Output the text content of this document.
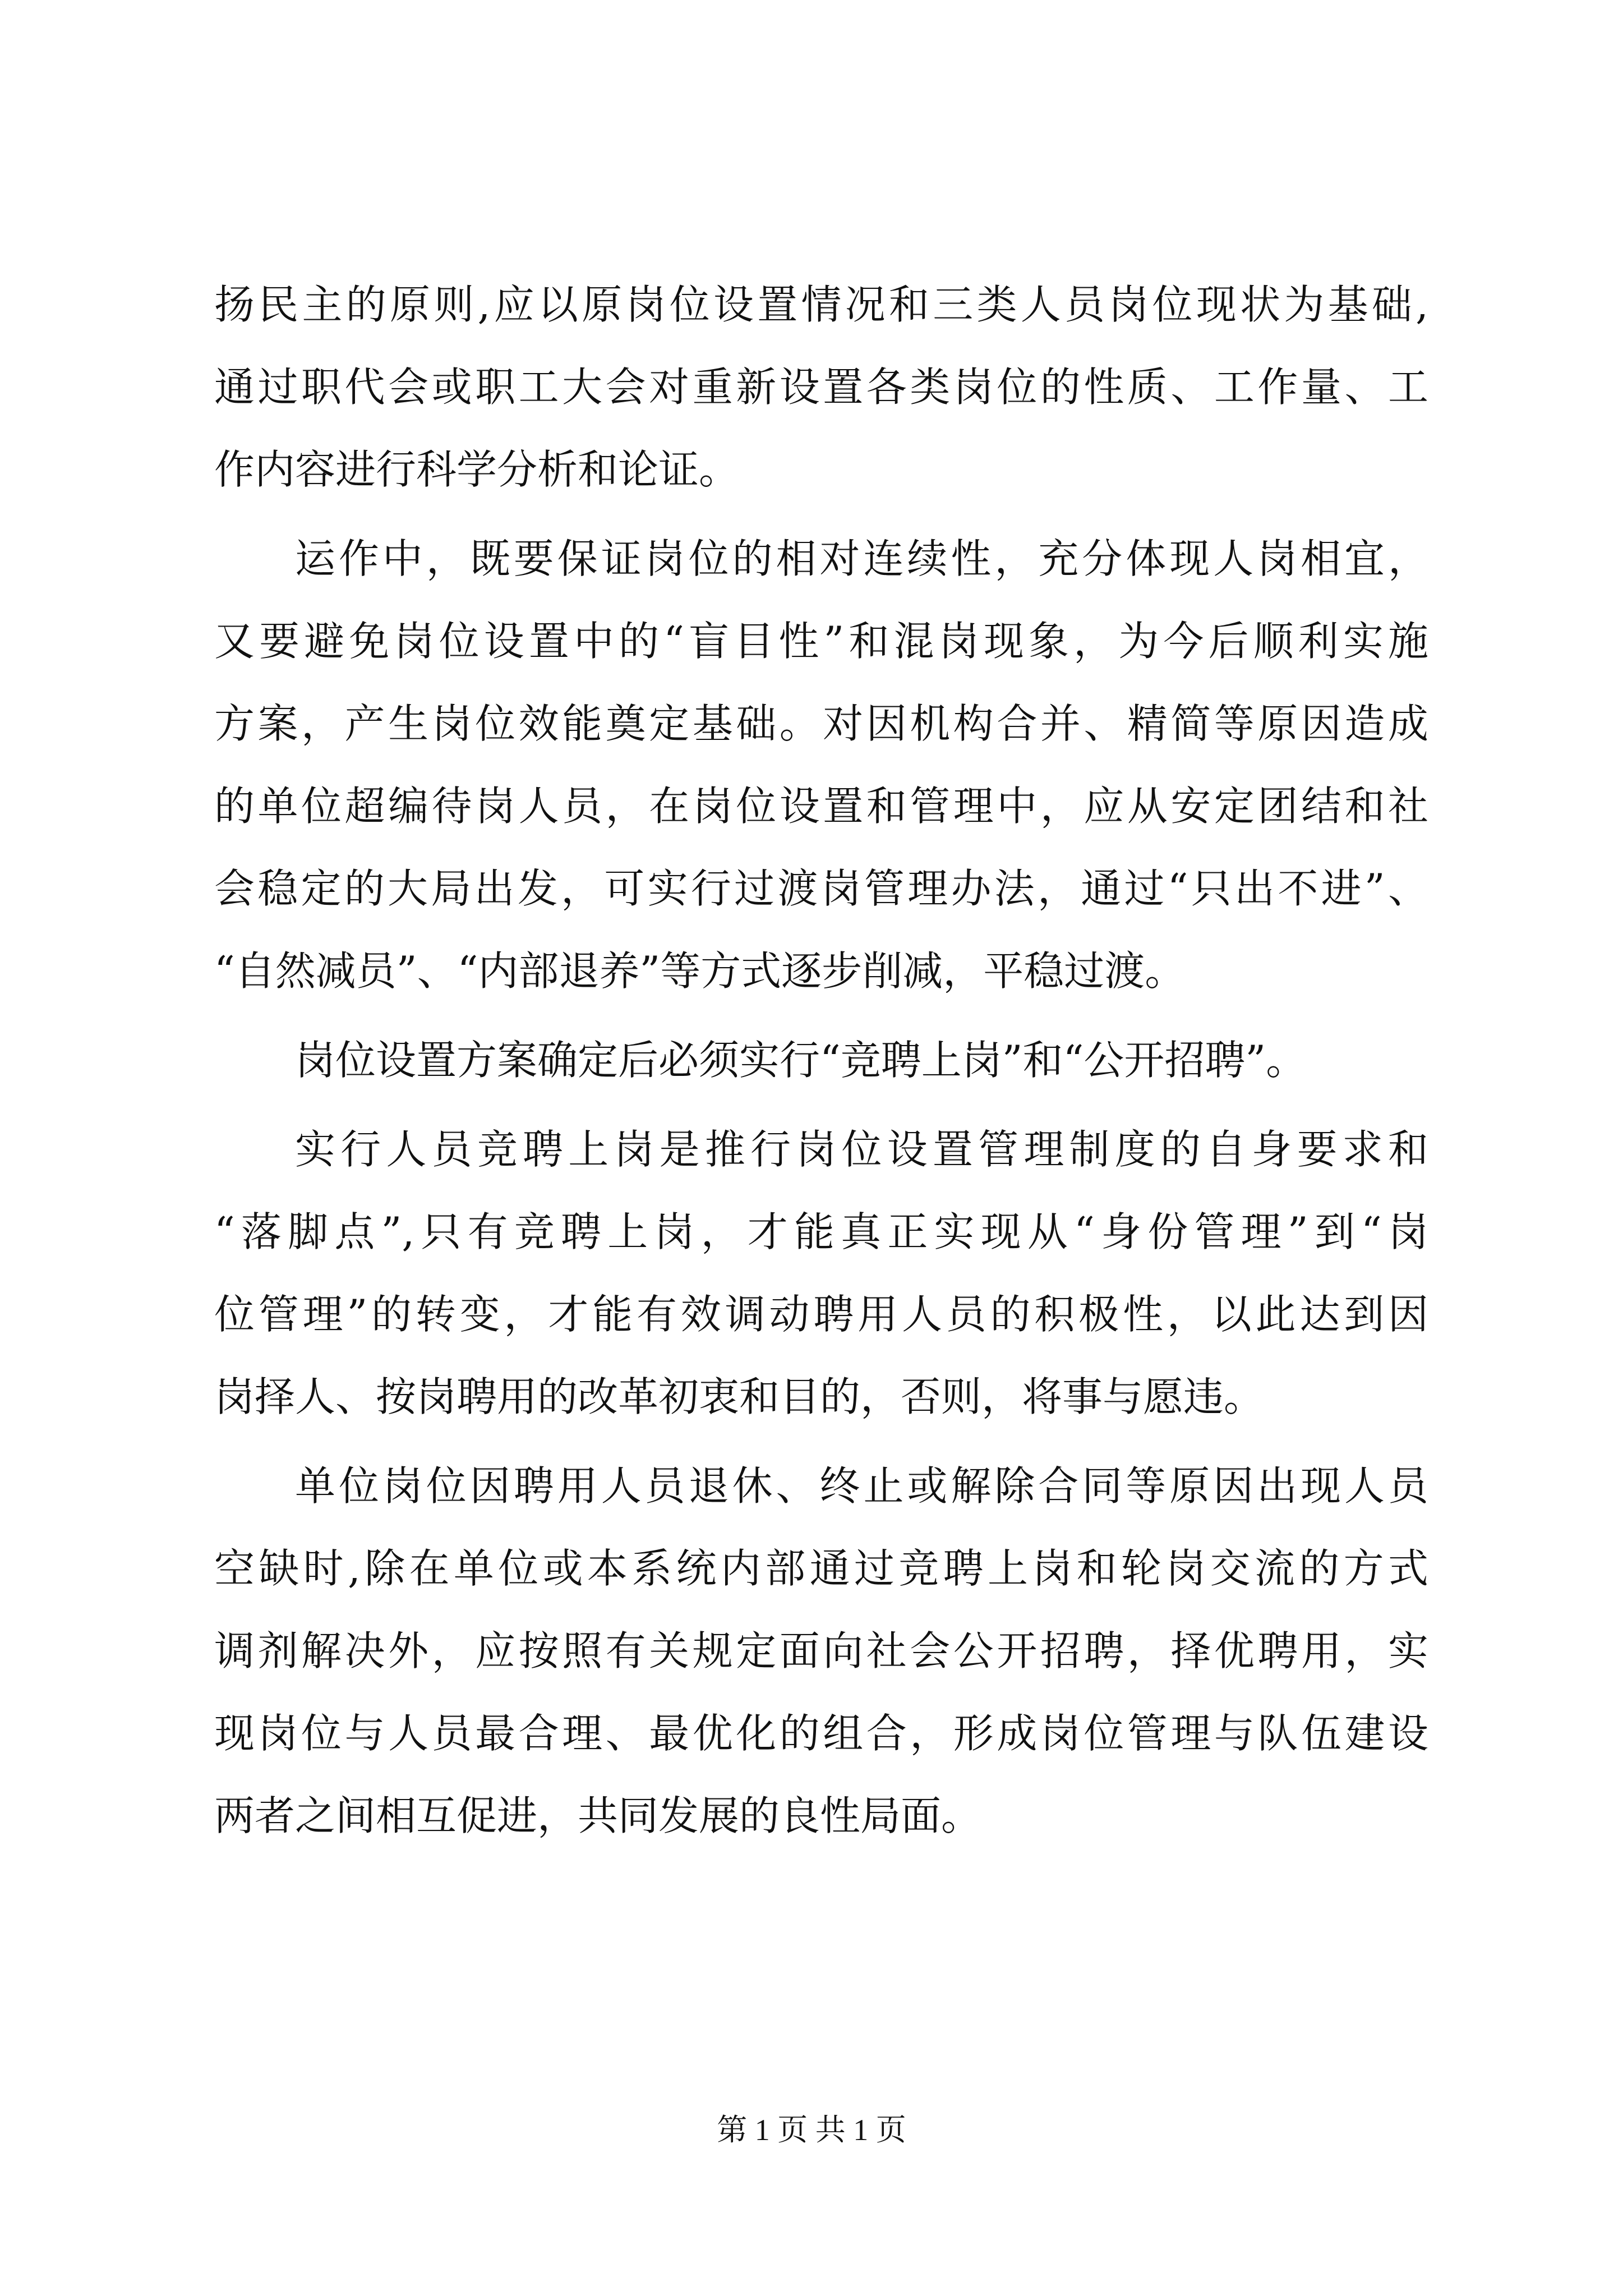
扬民主的原则,应以原岗位设置情况和三类人员岗位现状为基础,
通过职代会或职工大会对重新设置各类岗位的性质、工作量、工
作内容进行科学分析和论证。
运作中，既要保证岗位的相对连续性，充分体现人岗相宜，
又要避免岗位设置中的“盲目性”和混岗现象，为今后顺利实施
方案，产生岗位效能奠定基础。对因机构合并、精简等原因造成
的单位超编待岗人员，在岗位设置和管理中，应从安定团结和社
会稳定的大局出发，可实行过渡岗管理办法，通过“只出不进”、
“自然减员”、“内部退养”等方式逐步削减，平稳过渡。
岗位设置方案确定后必须实行“竞聘上岗”和“公开招聘”。
实行人员竞聘上岗是推行岗位设置管理制度的自身要求和
“落脚点”,只有竞聘上岗，才能真正实现从“身份管理”到“岗
位管理”的转变，才能有效调动聘用人员的积极性，以此达到因
岗择人、按岗聘用的改革初衷和目的，否则，将事与愿违。
单位岗位因聘用人员退休、终止或解除合同等原因出现人员
空缺时,除在单位或本系统内部通过竞聘上岗和轮岗交流的方式
调剂解决外，应按照有关规定面向社会公开招聘，择优聘用，实
现岗位与人员最合理、最优化的组合，形成岗位管理与队伍建设
两者之间相互促进，共同发展的良性局面。
第 1 页 共 1 页
